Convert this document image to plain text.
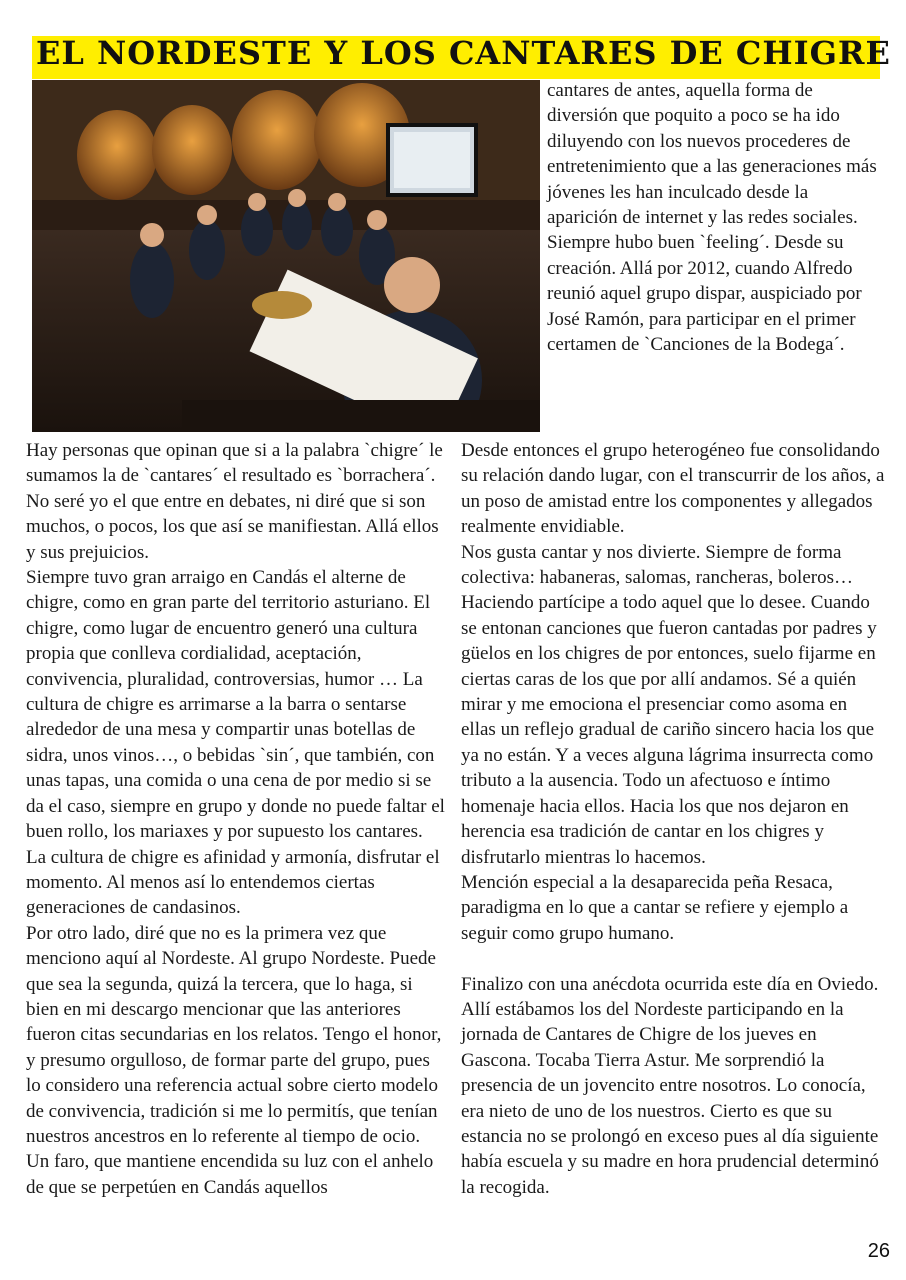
EL NORDESTE Y LOS CANTARES DE CHIGRE

cantares de antes, aquella forma de diversión que poquito a poco se ha ido diluyendo con los nuevos procederes de entretenimiento que a las generaciones más jóvenes les han inculcado desde la aparición de internet y las redes sociales.

Siempre hubo buen `feeling´. Desde su creación. Allá por 2012, cuando Alfredo reunió aquel grupo dispar, auspiciado por José Ramón, para participar en el primer certamen de `Canciones de la Bodega´.

Hay personas que opinan que si a la palabra `chigre´ le sumamos la de `cantares´ el resultado es `borrachera´. No seré yo el que entre en debates, ni diré que si son muchos, o pocos, los que así se manifiestan. Allá ellos y sus prejuicios.

Siempre tuvo gran arraigo en Candás el alterne de chigre, como en gran parte del territorio asturiano. El chigre, como lugar de encuentro generó una cultura propia que conlleva cordialidad, aceptación, convivencia, pluralidad, controversias, humor … La cultura de chigre es arrimarse a la barra o sentarse alrededor de una mesa y compartir unas botellas de sidra, unos vinos…, o bebidas `sin´, que también, con unas tapas, una comida o una cena de por medio si se da el caso, siempre en grupo y donde no puede faltar el buen rollo, los mariaxes y por supuesto los cantares. La cultura de chigre es afinidad y armonía, disfrutar el momento. Al menos así lo entendemos ciertas generaciones de candasinos.

Por otro lado, diré que no es la primera vez que menciono aquí al Nordeste. Al grupo Nordeste. Puede que sea la segunda, quizá la tercera, que lo haga, si bien en mi descargo mencionar que las anteriores fueron citas secundarias en los relatos. Tengo el honor, y presumo orgulloso, de formar parte del grupo, pues lo considero una referencia actual sobre cierto modelo de convivencia, tradición si me lo permitís, que tenían nuestros ancestros en lo referente al tiempo de ocio. Un faro, que mantiene encendida su luz con el anhelo de que se perpetúen en Candás aquellos

Desde entonces el grupo heterogéneo fue consolidando su relación dando lugar, con el transcurrir de los años, a un poso de amistad entre los componentes y allegados realmente envidiable.

Nos gusta cantar y nos divierte. Siempre de forma colectiva: habaneras, salomas, rancheras, boleros… Haciendo partícipe a todo aquel que lo desee. Cuando se entonan canciones que fueron cantadas por padres y güelos en los chigres de por entonces, suelo fijarme en ciertas caras de los que por allí andamos. Sé a quién mirar y me emociona el presenciar como asoma en ellas un reflejo gradual de cariño sincero hacia los que ya no están. Y a veces alguna lágrima insurrecta como tributo a la ausencia. Todo un afectuoso e íntimo homenaje hacia ellos. Hacia los que nos dejaron en herencia esa tradición de cantar en los chigres y disfrutarlo mientras lo hacemos.

Mención especial a la desaparecida peña Resaca, paradigma en lo que a cantar se refiere y ejemplo a seguir como grupo humano.

Finalizo con una anécdota ocurrida este día en Oviedo. Allí estábamos los del Nordeste participando en la jornada de Cantares de Chigre de los jueves en Gascona. Tocaba Tierra Astur. Me sorprendió la presencia de un jovencito entre nosotros. Lo conocía, era nieto de uno de los nuestros. Cierto es que su estancia no se prolongó en exceso pues al día siguiente había escuela y su madre en hora prudencial determinó la recogida.

26
